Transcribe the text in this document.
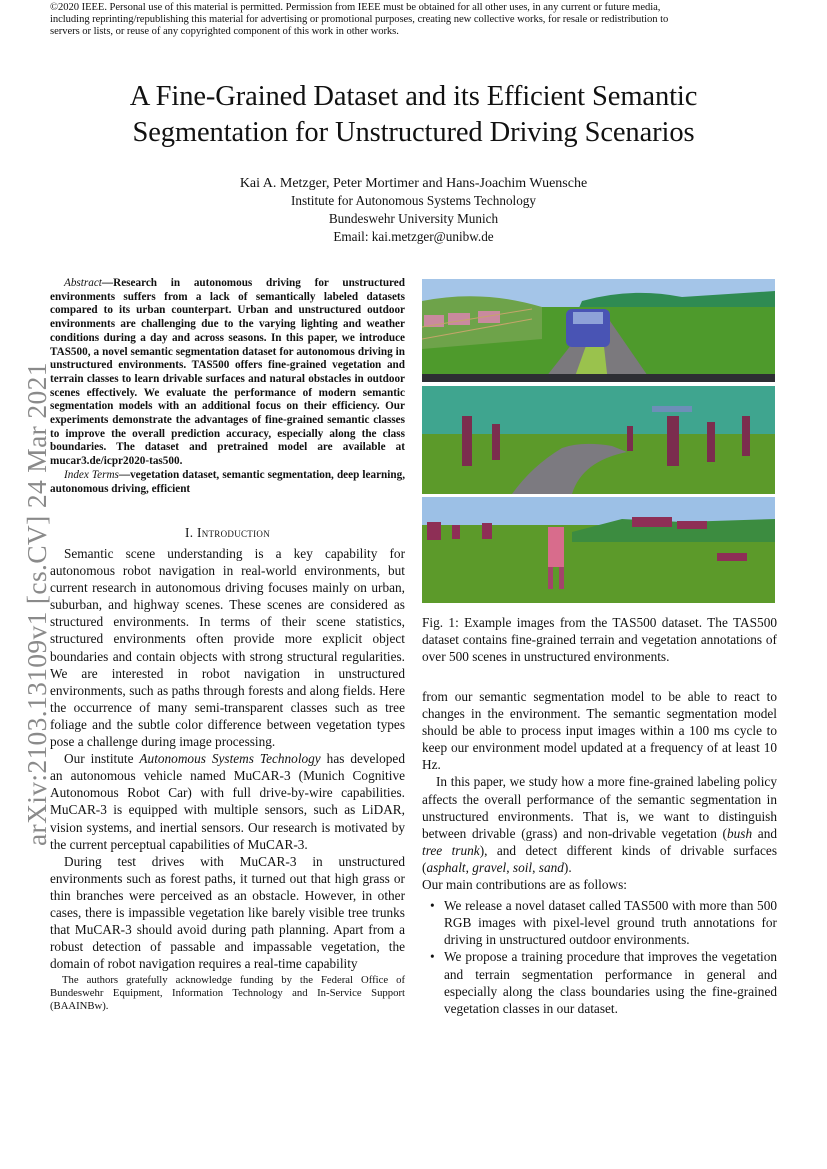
©2020 IEEE. Personal use of this material is permitted. Permission from IEEE must be obtained for all other uses, in any current or future media,
including reprinting/republishing this material for advertising or promotional purposes, creating new collective works, for resale or redistribution to
servers or lists, or reuse of any copyrighted component of this work in other works.
A Fine-Grained Dataset and its Efficient Semantic
Segmentation for Unstructured Driving Scenarios
Kai A. Metzger, Peter Mortimer and Hans-Joachim Wuensche
Institute for Autonomous Systems Technology
Bundeswehr University Munich
Email: kai.metzger@unibw.de
arXiv:2103.13109v1 [cs.CV] 24 Mar 2021
Abstract—Research in autonomous driving for unstructured environments suffers from a lack of semantically labeled datasets compared to its urban counterpart. Urban and unstructured outdoor environments are challenging due to the varying lighting and weather conditions during a day and across seasons. In this paper, we introduce TAS500, a novel semantic segmentation dataset for autonomous driving in unstructured environments. TAS500 offers fine-grained vegetation and terrain classes to learn drivable surfaces and natural obstacles in outdoor scenes effectively. We evaluate the performance of modern semantic segmentation models with an additional focus on their efficiency. Our experiments demonstrate the advantages of fine-grained semantic classes to improve the overall prediction accuracy, especially along the class boundaries. The dataset and pretrained model are available at mucar3.de/icpr2020-tas500.
Index Terms—vegetation dataset, semantic segmentation, deep learning, autonomous driving, efficient
I. Introduction

Semantic scene understanding is a key capability for autonomous robot navigation in real-world environments, but current research in autonomous driving focuses mainly on urban, suburban, and highway scenes. These scenes are considered as structured environments. In terms of their scene statistics, structured environments often provide more explicit object boundaries and contain objects with strong structural regularities. We are interested in robot navigation in unstructured environments, such as paths through forests and along fields. Here the occurrence of many semi-transparent classes such as tree foliage and the subtle color difference between vegetation types pose a challenge during image processing.

Our institute Autonomous Systems Technology has developed an autonomous vehicle named MuCAR-3 (Munich Cognitive Autonomous Robot Car) with full drive-by-wire capabilities. MuCAR-3 is equipped with multiple sensors, such as LiDAR, vision systems, and inertial sensors. Our research is motivated by the current perceptual capabilities of MuCAR-3.

During test drives with MuCAR-3 in unstructured environments such as forest paths, it turned out that high grass or thin branches were perceived as an obstacle. However, in other cases, there is impassible vegetation like barely visible tree trunks that MuCAR-3 should avoid during path planning. Apart from a robust detection of passable and impassable vegetation, the domain of robot navigation requires a real-time capability

The authors gratefully acknowledge funding by the Federal Office of Bundeswehr Equipment, Information Technology and In-Service Support (BAAINBw).
Fig. 1: Example images from the TAS500 dataset. The TAS500 dataset contains fine-grained terrain and vegetation annotations of over 500 scenes in unstructured environments.

from our semantic segmentation model to be able to react to changes in the environment. The semantic segmentation model should be able to process input images within a 100 ms cycle to keep our environment model updated at a frequency of at least 10 Hz.

In this paper, we study how a more fine-grained labeling policy affects the overall performance of the semantic segmentation in unstructured environments. That is, we want to distinguish between drivable (grass) and non-drivable vegetation (bush and tree trunk), and detect different kinds of drivable surfaces (asphalt, gravel, soil, sand).

Our main contributions are as follows:

• We release a novel dataset called TAS500 with more than 500 RGB images with pixel-level ground truth annotations for driving in unstructured outdoor environments.
• We propose a training procedure that improves the vegetation and terrain segmentation performance in general and especially along the class boundaries using the fine-grained vegetation classes in our dataset.
